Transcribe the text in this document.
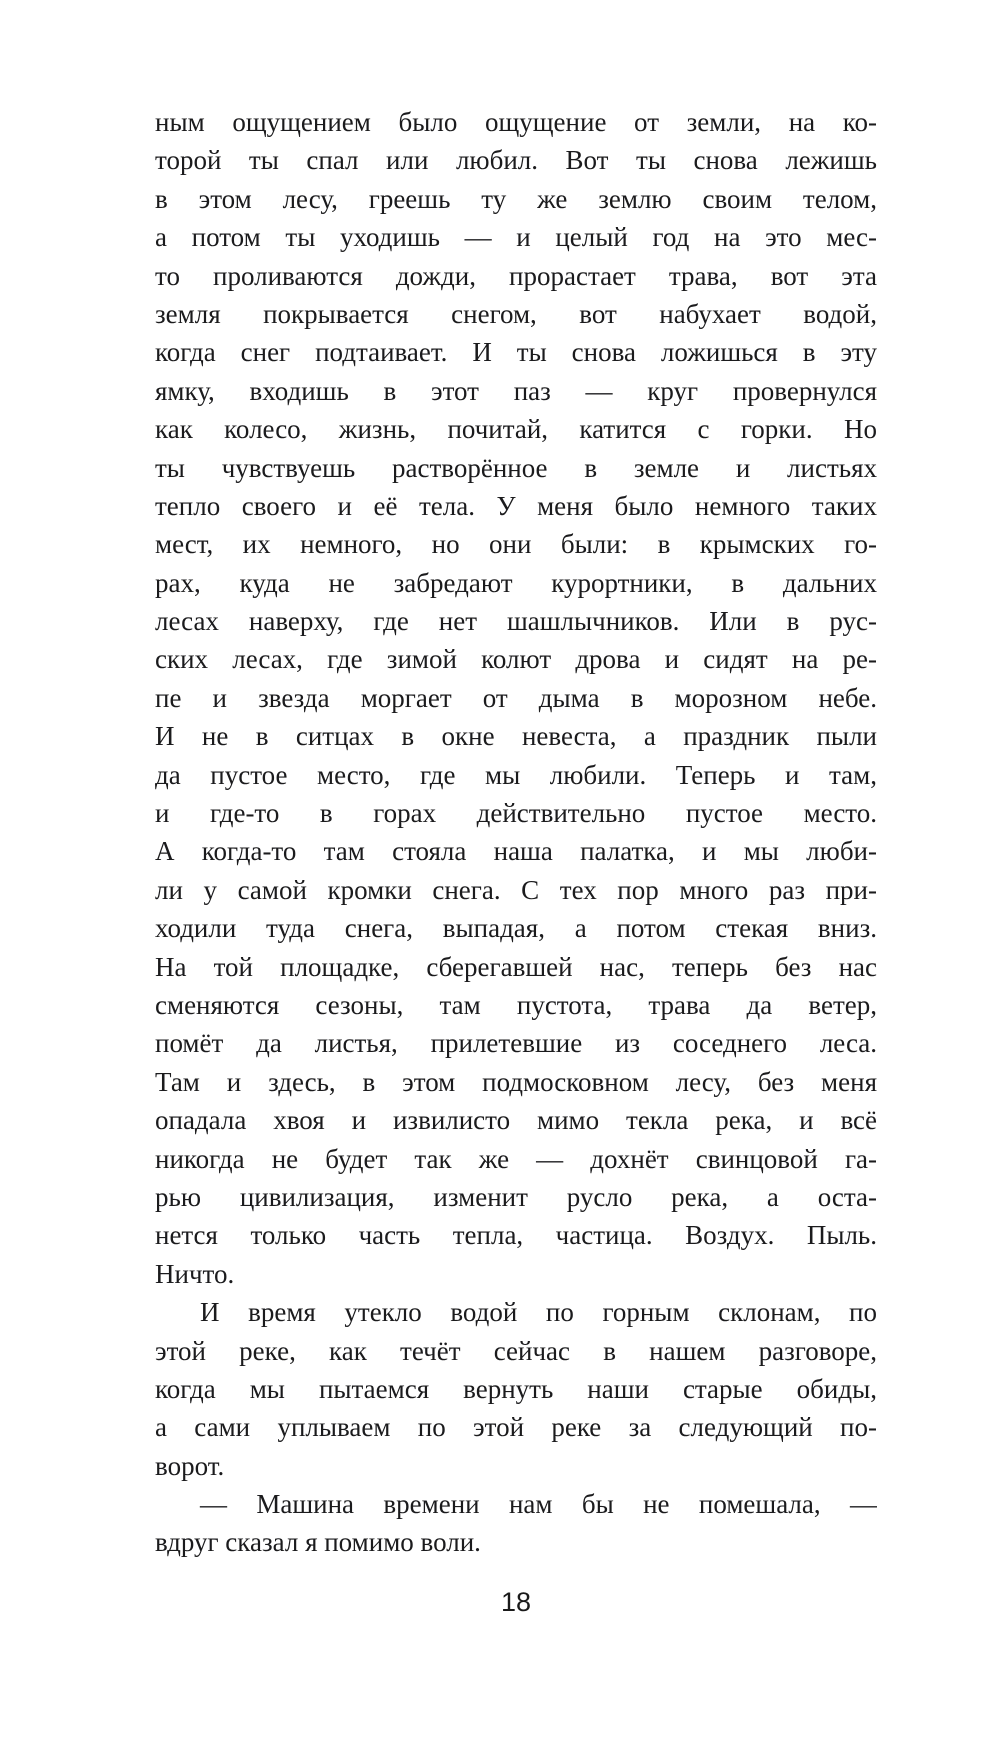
ным ощущением было ощущение от земли, на ко-
торой ты спал или любил. Вот ты снова лежишь
в этом лесу, греешь ту же землю своим телом,
а потом ты уходишь — и целый год на это мес-
то проливаются дожди, прорастает трава, вот эта
земля покрывается снегом, вот набухает водой,
когда снег подтаивает. И ты снова ложишься в эту
ямку, входишь в этот паз — круг провернулся
как колесо, жизнь, почитай, катится с горки. Но
ты чувствуешь растворённое в земле и листьях
тепло своего и её тела. У меня было немного таких
мест, их немного, но они были: в крымских го-
рах, куда не забредают курортники, в дальних
лесах наверху, где нет шашлычников. Или в рус-
ских лесах, где зимой колют дрова и сидят на ре-
пе и звезда моргает от дыма в морозном небе.
И не в ситцах в окне невеста, а праздник пыли
да пустое место, где мы любили. Теперь и там,
и где-то в горах действительно пустое место.
А когда-то там стояла наша палатка, и мы люби-
ли у самой кромки снега. С тех пор много раз при-
ходили туда снега, выпадая, а потом стекая вниз.
На той площадке, сберегавшей нас, теперь без нас
сменяются сезоны, там пустота, трава да ветер,
помёт да листья, прилетевшие из соседнего леса.
Там и здесь, в этом подмосковном лесу, без меня
опадала хвоя и извилисто мимо текла река, и всё
никогда не будет так же — дохнёт свинцовой га-
рью цивилизация, изменит русло река, а оста-
нется только часть тепла, частица. Воздух. Пыль.
Ничто.
И время утекло водой по горным склонам, по
этой реке, как течёт сейчас в нашем разговоре,
когда мы пытаемся вернуть наши старые обиды,
а сами уплываем по этой реке за следующий по-
ворот.
— Машина времени нам бы не помешала, —
вдруг сказал я помимо воли.
18
